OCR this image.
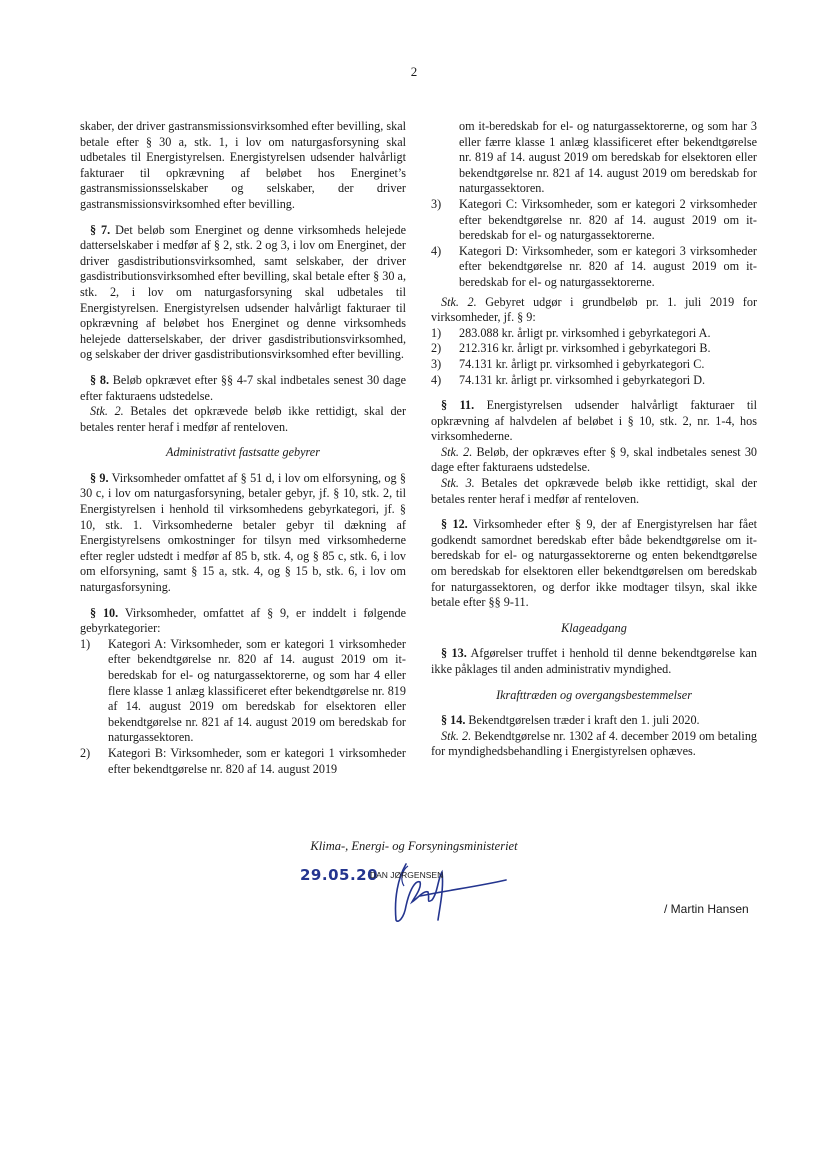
2

skaber, der driver gastransmissionsvirksomhed efter bevilling, skal betale efter § 30 a, stk. 1, i lov om naturgasforsyning skal udbetales til Energistyrelsen. Energistyrelsen udsender halvårligt fakturaer til opkrævning af beløbet hos Energinet’s gastransmissionsselskaber og selskaber, der driver gastransmissionsvirksomhed efter bevilling.

§ 7. Det beløb som Energinet og denne virksomheds helejede datterselskaber i medfør af § 2, stk. 2 og 3, i lov om Energinet, der driver gasdistributionsvirksomhed, samt selskaber, der driver gasdistributionsvirksomhed efter bevilling, skal betale efter § 30 a, stk. 2, i lov om naturgasforsyning skal udbetales til Energistyrelsen. Energistyrelsen udsender halvårligt fakturaer til opkrævning af beløbet hos Energinet og denne virksomheds helejede datterselskaber, der driver gasdistributionsvirksomhed, og selskaber der driver gasdistributionsvirksomhed efter bevilling.

§ 8. Beløb opkrævet efter §§ 4-7 skal indbetales senest 30 dage efter fakturaens udstedelse.

Stk. 2. Betales det opkrævede beløb ikke rettidigt, skal der betales renter heraf i medfør af renteloven.

Administrativt fastsatte gebyrer

§ 9. Virksomheder omfattet af § 51 d, i lov om elforsyning, og § 30 c, i lov om naturgasforsyning, betaler gebyr, jf. § 10, stk. 2, til Energistyrelsen i henhold til virksomhedens gebyrkategori, jf. § 10, stk. 1. Virksomhederne betaler gebyr til dækning af Energistyrelsens omkostninger for tilsyn med virksomhederne efter regler udstedt i medfør af 85 b, stk. 4, og § 85 c, stk. 6, i lov om elforsyning, samt § 15 a, stk. 4, og § 15 b, stk. 6, i lov om naturgasforsyning.

§ 10. Virksomheder, omfattet af § 9, er inddelt i følgende gebyrkategorier:

1) Kategori A: Virksomheder, som er kategori 1 virksomheder efter bekendtgørelse nr. 820 af 14. august 2019 om it-beredskab for el- og naturgassektorerne, og som har 4 eller flere klasse 1 anlæg klassificeret efter bekendtgørelse nr. 819 af 14. august 2019 om beredskab for elsektoren eller bekendtgørelse nr. 821 af 14. august 2019 om beredskab for naturgassektoren.
2) Kategori B: Virksomheder, som er kategori 1 virksomheder efter bekendtgørelse nr. 820 af 14. august 2019

om it-beredskab for el- og naturgassektorerne, og som har 3 eller færre klasse 1 anlæg klassificeret efter bekendtgørelse nr. 819 af 14. august 2019 om beredskab for elsektoren eller bekendtgørelse nr. 821 af 14. august 2019 om beredskab for naturgassektoren.

3) Kategori C: Virksomheder, som er kategori 2 virksomheder efter bekendtgørelse nr. 820 af 14. august 2019 om it-beredskab for el- og naturgassektorerne.
4) Kategori D: Virksomheder, som er kategori 3 virksomheder efter bekendtgørelse nr. 820 af 14. august 2019 om it-beredskab for el- og naturgassektorerne.

Stk. 2. Gebyret udgør i grundbeløb pr. 1. juli 2019 for virksomheder, jf. § 9:

1) 283.088 kr. årligt pr. virksomhed i gebyrkategori A.
2) 212.316 kr. årligt pr. virksomhed i gebyrkategori B.
3) 74.131 kr. årligt pr. virksomhed i gebyrkategori C.
4) 74.131 kr. årligt pr. virksomhed i gebyrkategori D.

§ 11. Energistyrelsen udsender halvårligt fakturaer til opkrævning af halvdelen af beløbet i § 10, stk. 2, nr. 1-4, hos virksomhederne.

Stk. 2. Beløb, der opkræves efter § 9, skal indbetales senest 30 dage efter fakturaens udstedelse.

Stk. 3. Betales det opkrævede beløb ikke rettidigt, skal der betales renter heraf i medfør af renteloven.

§ 12. Virksomheder efter § 9, der af Energistyrelsen har fået godkendt samordnet beredskab efter både bekendtgørelse om it-beredskab for el- og naturgassektorerne og enten bekendtgørelse om beredskab for elsektoren eller bekendtgørelsen om beredskab for naturgassektoren, og derfor ikke modtager tilsyn, skal ikke betale efter §§ 9-11.

Klageadgang

§ 13. Afgørelser truffet i henhold til denne bekendtgørelse kan ikke påklages til anden administrativ myndighed.

Ikrafttræden og overgangsbestemmelser

§ 14. Bekendtgørelsen træder i kraft den 1. juli 2020.

Stk. 2. Bekendtgørelse nr. 1302 af 4. december 2019 om betaling for myndighedsbehandling i Energistyrelsen ophæves.

Klima-, Energi- og Forsyningsministeriet
29.05.20
DAN JØRGENSEN
/ Martin Hansen
